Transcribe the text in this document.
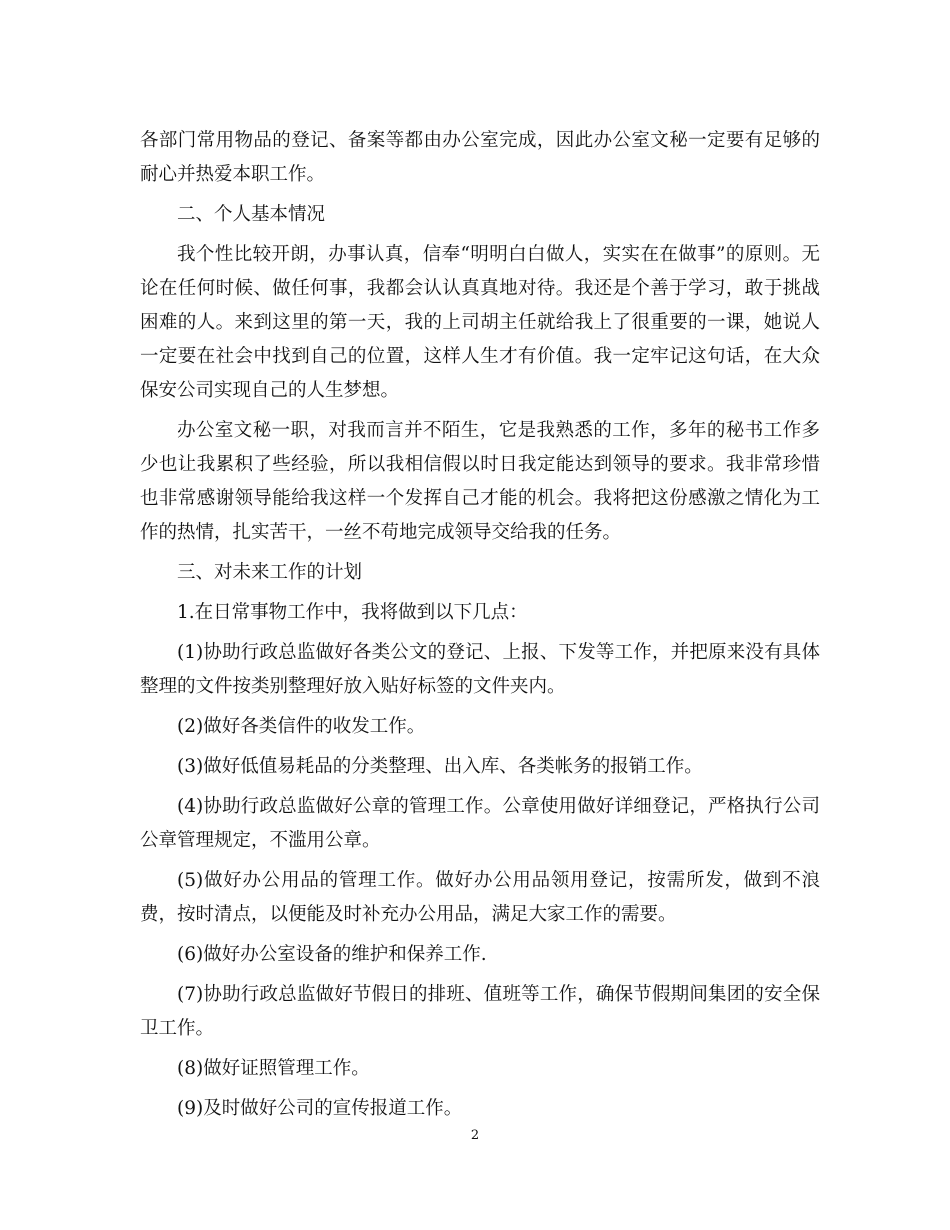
各部门常用物品的登记、备案等都由办公室完成，因此办公室文秘一定要有足够的耐心并热爱本职工作。

二、个人基本情况

我个性比较开朗，办事认真，信奉“明明白白做人，实实在在做事”的原则。无论在任何时候、做任何事，我都会认认真真地对待。我还是个善于学习，敢于挑战困难的人。来到这里的第一天，我的上司胡主任就给我上了很重要的一课，她说人一定要在社会中找到自己的位置，这样人生才有价值。我一定牢记这句话，在大众保安公司实现自己的人生梦想。

办公室文秘一职，对我而言并不陌生，它是我熟悉的工作，多年的秘书工作多少也让我累积了些经验，所以我相信假以时日我定能达到领导的要求。我非常珍惜也非常感谢领导能给我这样一个发挥自己才能的机会。我将把这份感激之情化为工作的热情，扎实苦干，一丝不苟地完成领导交给我的任务。

三、对未来工作的计划

1.在日常事物工作中，我将做到以下几点：

(1)协助行政总监做好各类公文的登记、上报、下发等工作，并把原来没有具体整理的文件按类别整理好放入贴好标签的文件夹内。

(2)做好各类信件的收发工作。

(3)做好低值易耗品的分类整理、出入库、各类帐务的报销工作。

(4)协助行政总监做好公章的管理工作。公章使用做好详细登记，严格执行公司公章管理规定，不滥用公章。

(5)做好办公用品的管理工作。做好办公用品领用登记，按需所发，做到不浪费，按时清点，以便能及时补充办公用品，满足大家工作的需要。

(6)做好办公室设备的维护和保养工作.

(7)协助行政总监做好节假日的排班、值班等工作，确保节假期间集团的安全保卫工作。

(8)做好证照管理工作。

(9)及时做好公司的宣传报道工作。

2
